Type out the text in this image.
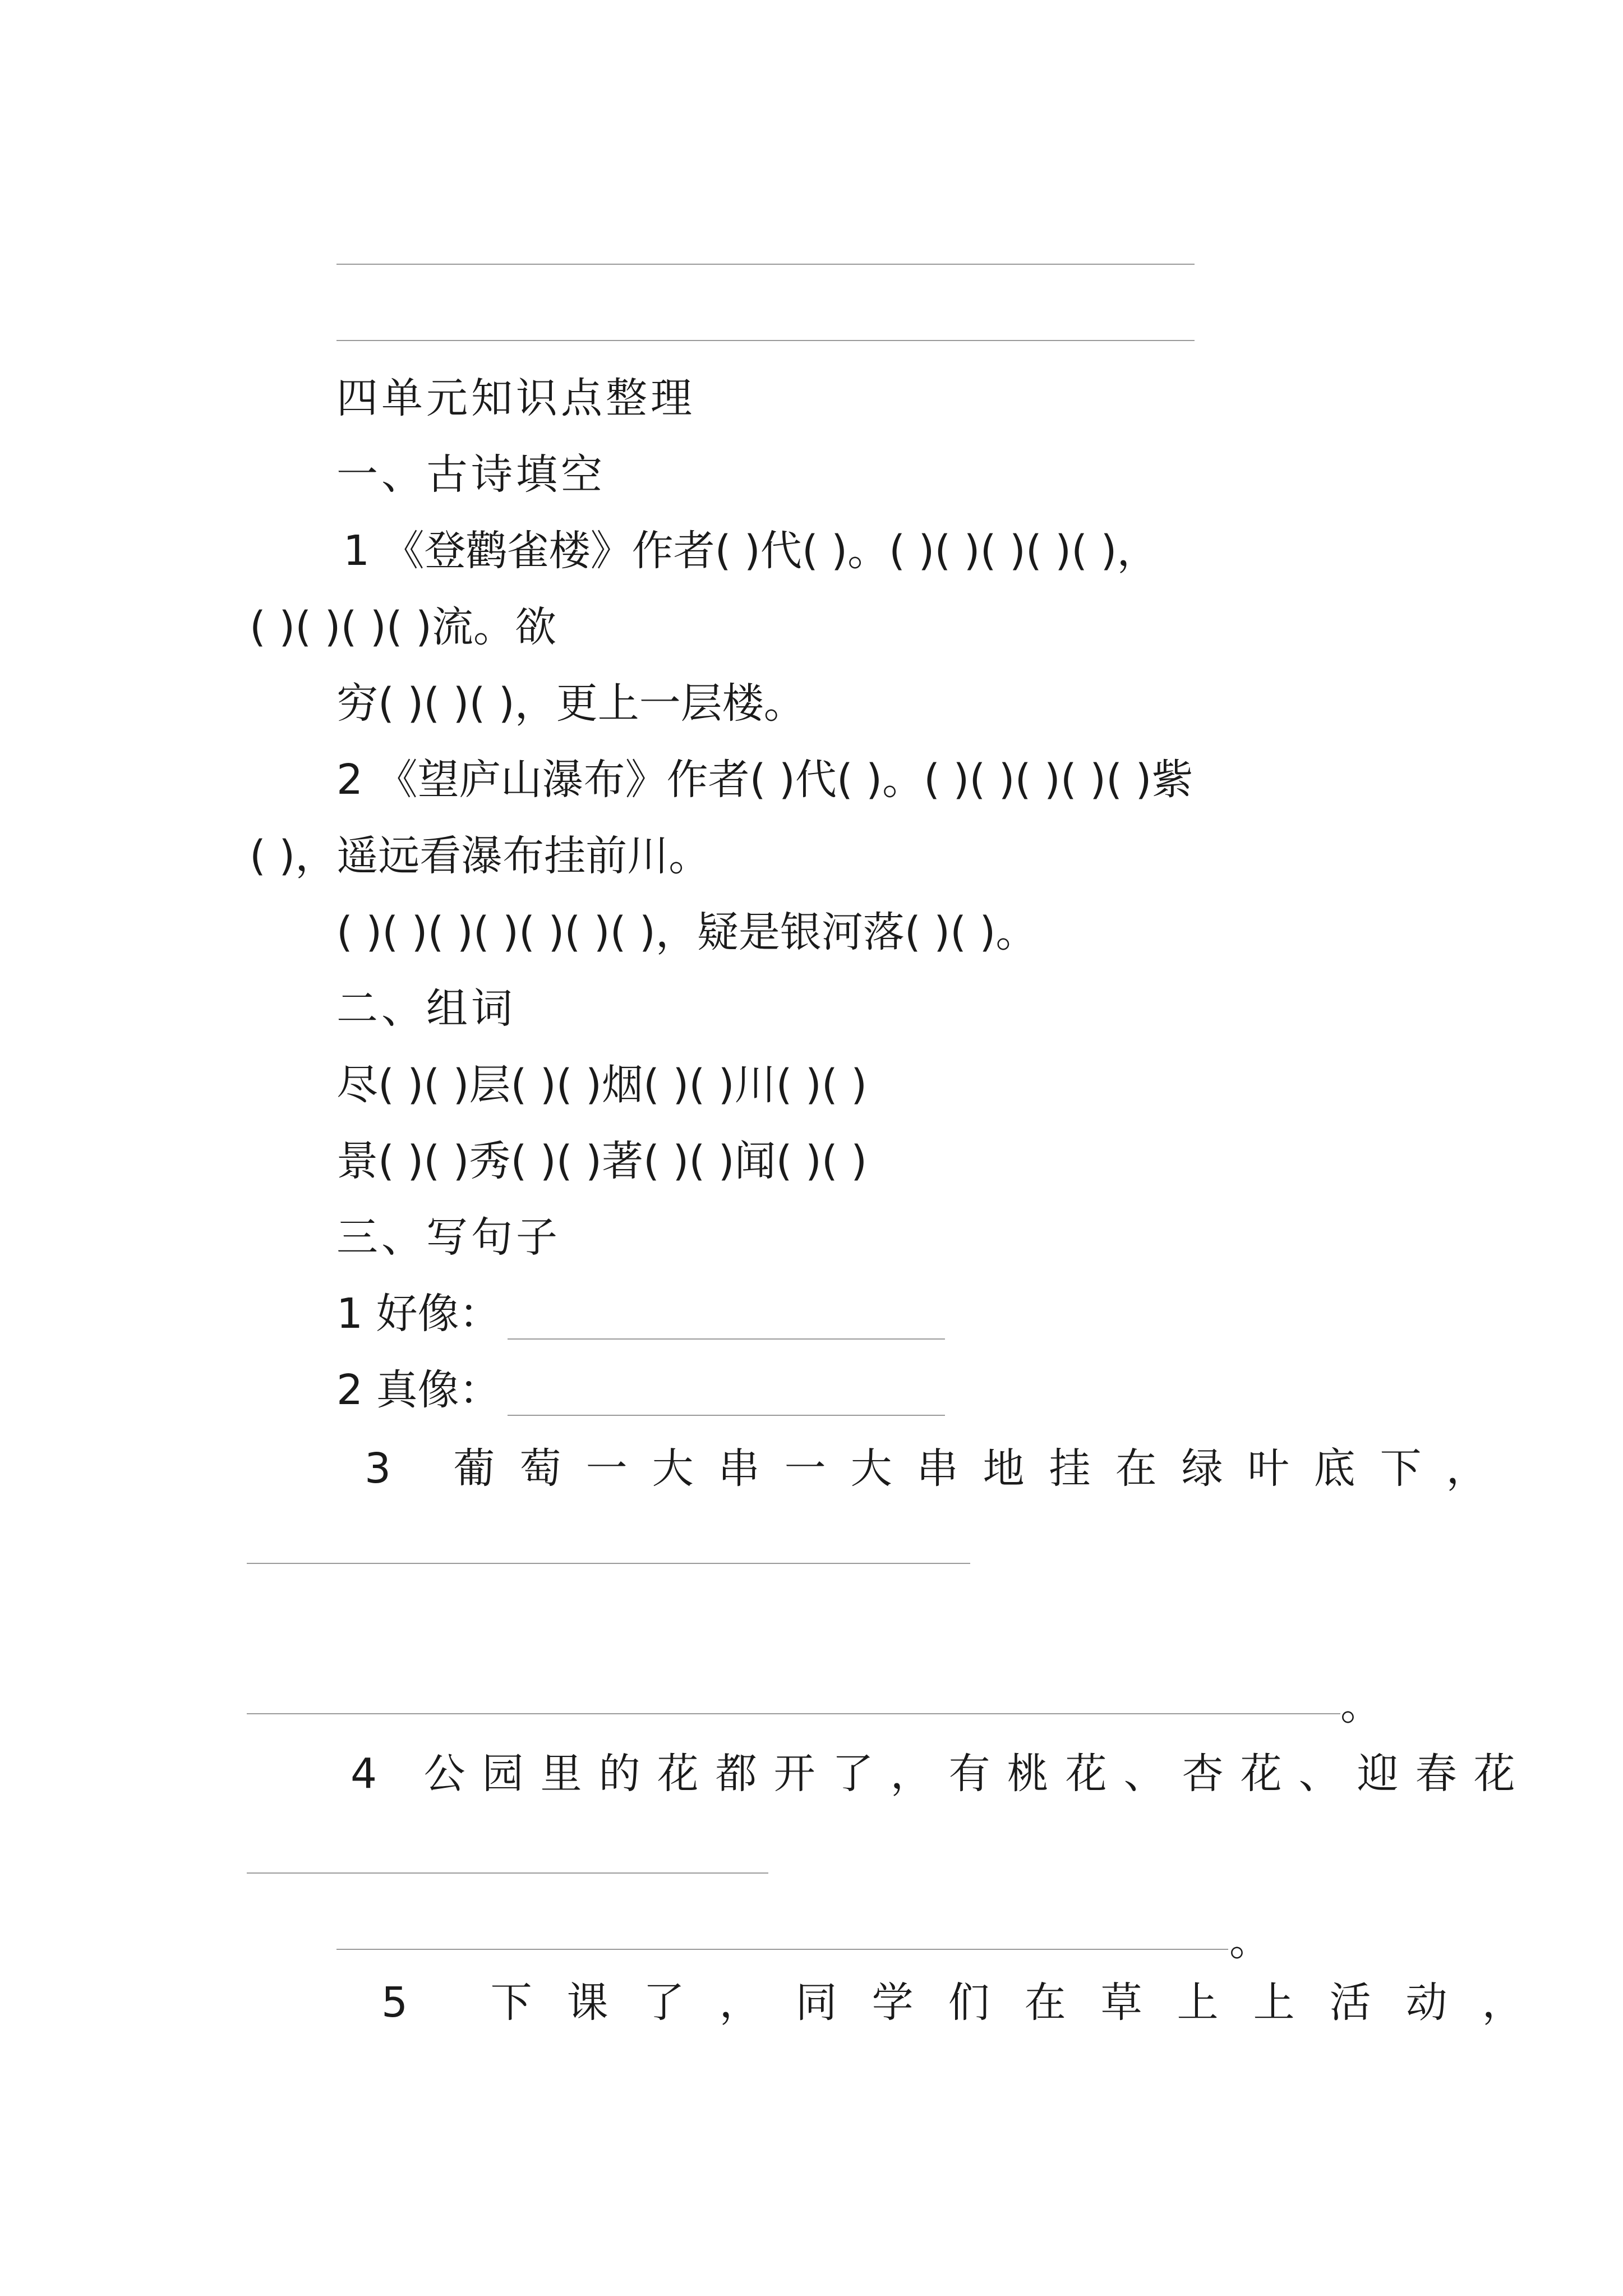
四单元知识点整理

一、古诗填空

1 《登鹳雀楼》作者( )代( )。( )( )( )( )( )，

( )( )( )( )流。欲

穷( )( )( )，更上一层楼。

2 《望庐山瀑布》作者( )代( )。( )( )( )( )( )紫

( )，遥远看瀑布挂前川。

( )( )( )( )( )( )( )，疑是银河落( )( )。

二、组词

尽( )( )层( )( )烟( )( )川( )( )

景( )( )秀( )( )著( )( )闻( )( )

三、写句子

1 好像：

2 真像：

3 葡萄一大串一大串地挂在绿叶底下，

。

4 公园里的花都开了，有桃花、杏花、迎春花

。

5 下课了，同学们在草上上活动，
